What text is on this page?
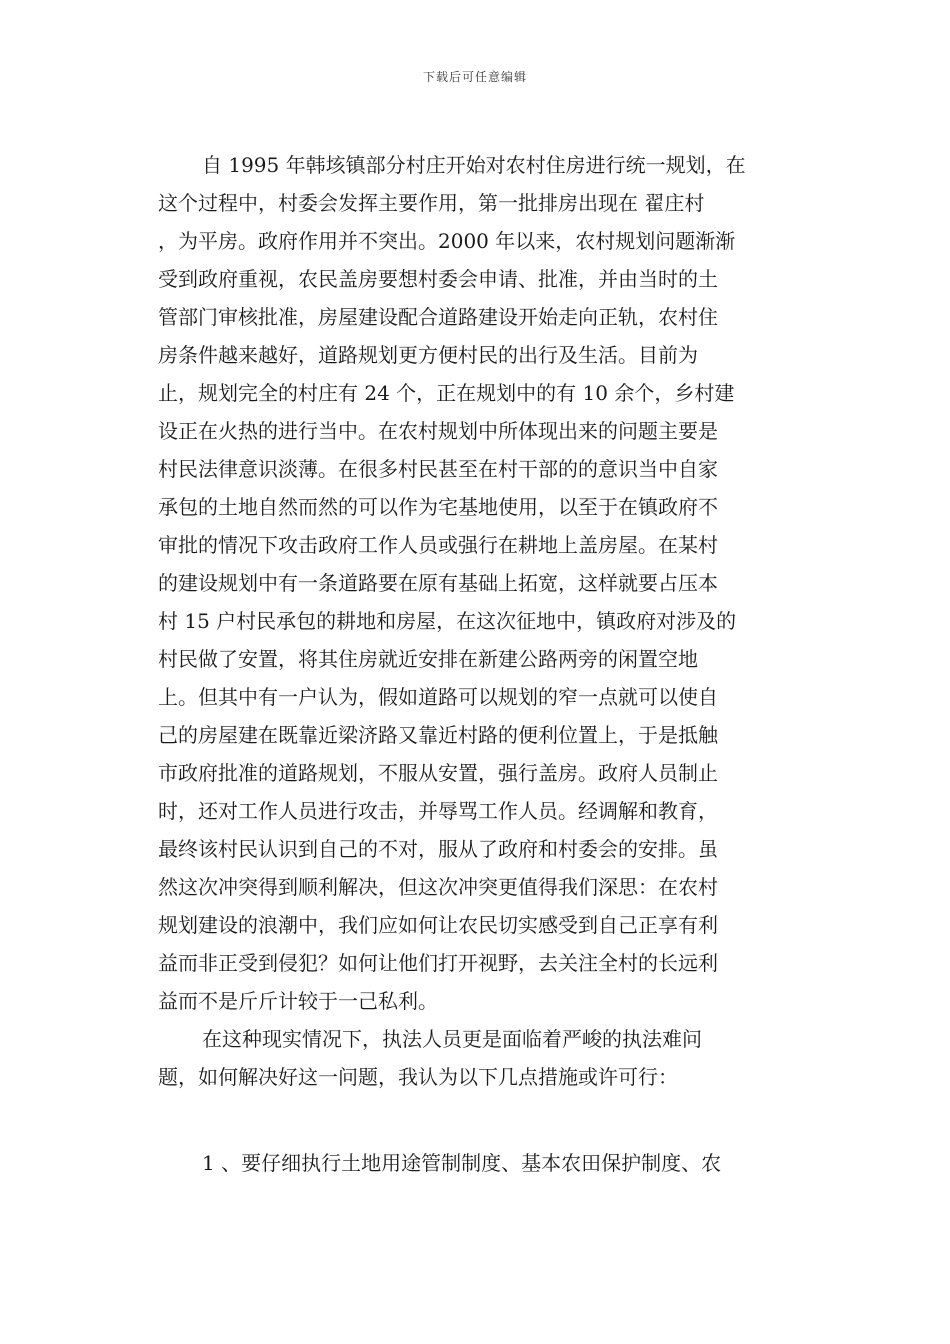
下载后可任意编辑
自 1995 年韩垓镇部分村庄开始对农村住房进行统一规划，在
这个过程中，村委会发挥主要作用，第一批排房出现在 翟庄村
，为平房。政府作用并不突出。2000 年以来，农村规划问题渐渐
受到政府重视，农民盖房要想村委会申请、批准，并由当时的土
管部门审核批准，房屋建设配合道路建设开始走向正轨，农村住
房条件越来越好，道路规划更方便村民的出行及生活。目前为
止，规划完全的村庄有 24 个，正在规划中的有 10 余个，乡村建
设正在火热的进行当中。在农村规划中所体现出来的问题主要是
村民法律意识淡薄。在很多村民甚至在村干部的的意识当中自家
承包的土地自然而然的可以作为宅基地使用，以至于在镇政府不
审批的情况下攻击政府工作人员或强行在耕地上盖房屋。在某村
的建设规划中有一条道路要在原有基础上拓宽，这样就要占压本
村 15 户村民承包的耕地和房屋，在这次征地中，镇政府对涉及的
村民做了安置，将其住房就近安排在新建公路两旁的闲置空地
上。但其中有一户认为，假如道路可以规划的窄一点就可以使自
己的房屋建在既靠近梁济路又靠近村路的便利位置上，于是抵触
市政府批准的道路规划，不服从安置，强行盖房。政府人员制止
时，还对工作人员进行攻击，并辱骂工作人员。经调解和教育，
最终该村民认识到自己的不对，服从了政府和村委会的安排。虽
然这次冲突得到顺利解决，但这次冲突更值得我们深思：在农村
规划建设的浪潮中，我们应如何让农民切实感受到自己正享有利
益而非正受到侵犯？如何让他们打开视野，去关注全村的长远利
益而不是斤斤计较于一己私利。
在这种现实情况下，执法人员更是面临着严峻的执法难问
题，如何解决好这一问题，我认为以下几点措施或许可行：
1 、要仔细执行土地用途管制制度、基本农田保护制度、农
